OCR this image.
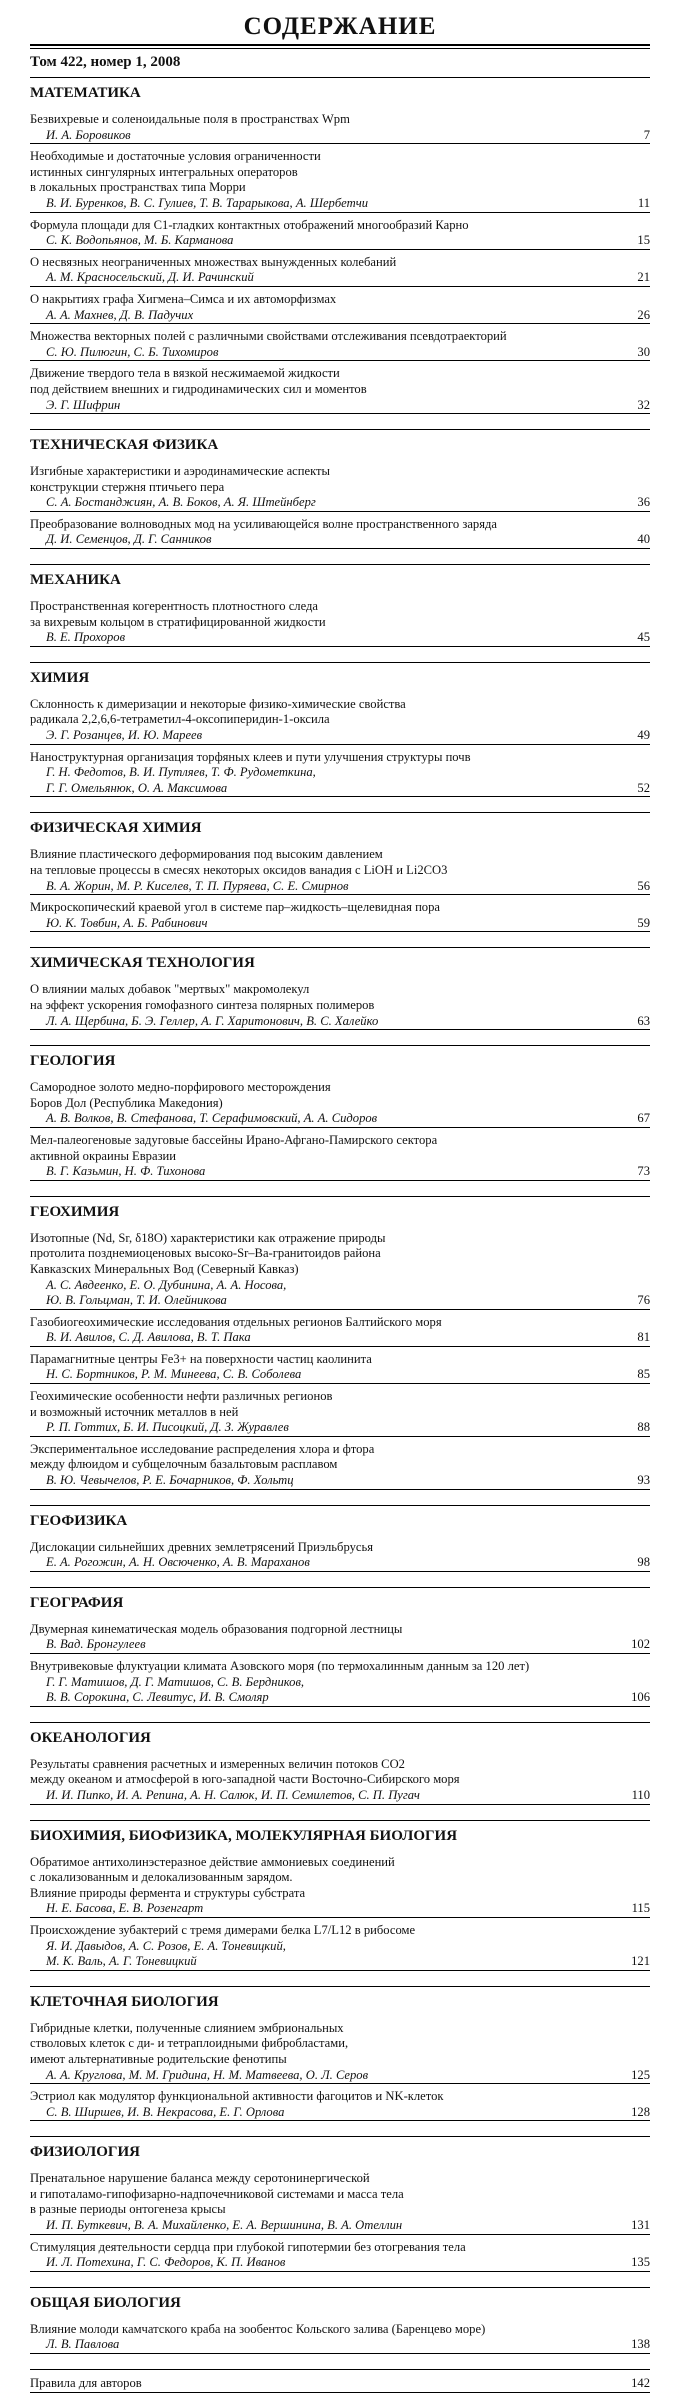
СОДЕРЖАНИЕ
Том 422, номер 1, 2008
МАТЕМАТИКА
Безвихревые и соленоидальные поля в пространствах Wpm
И. А. Боровиков	7
Необходимые и достаточные условия ограниченности
истинных сингулярных интегральных операторов
в локальных пространствах типа Морри
В. И. Буренков, В. С. Гулиев, Т. В. Тарарыкова, А. Шербетчи	11
Формула площади для C1-гладких контактных отображений многообразий Карно
С. К. Водопьянов, М. Б. Карманова	15
О несвязных неограниченных множествах вынужденных колебаний
А. М. Красносельский, Д. И. Рачинский	21
О накрытиях графа Хигмена–Симса и их автоморфизмах
А. А. Махнев, Д. В. Падучих	26
Множества векторных полей с различными свойствами отслеживания псевдотраекторий
С. Ю. Пилюгин, С. Б. Тихомиров	30
Движение твердого тела в вязкой несжимаемой жидкости
под действием внешних и гидродинамических сил и моментов
Э. Г. Шифрин	32
ТЕХНИЧЕСКАЯ ФИЗИКА
Изгибные характеристики и аэродинамические аспекты
конструкции стержня птичьего пера
С. А. Бостанджиян, А. В. Боков, А. Я. Штейнберг	36
Преобразование волноводных мод на усиливающейся волне пространственного заряда
Д. И. Семенцов, Д. Г. Санников	40
МЕХАНИКА
Пространственная когерентность плотностного следа
за вихревым кольцом в стратифицированной жидкости
В. Е. Прохоров	45
ХИМИЯ
Склонность к димеризации и некоторые физико-химические свойства
радикала 2,2,6,6-тетраметил-4-оксопиперидин-1-оксила
Э. Г. Розанцев, И. Ю. Мареев	49
Наноструктурная организация торфяных клеев и пути улучшения структуры почв
Г. Н. Федотов, В. И. Путляев, Т. Ф. Рудометкина,
Г. Г. Омельянюк, О. А. Максимова	52
ФИЗИЧЕСКАЯ ХИМИЯ
Влияние пластического деформирования под высоким давлением
на тепловые процессы в смесях некоторых оксидов ванадия с LiOH и Li2CO3
В. А. Жорин, М. Р. Киселев, Т. П. Пуряева, С. Е. Смирнов	56
Микроскопический краевой угол в системе пар–жидкость–щелевидная пора
Ю. К. Товбин, А. Б. Рабинович	59
ХИМИЧЕСКАЯ ТЕХНОЛОГИЯ
О влиянии малых добавок "мертвых" макромолекул
на эффект ускорения гомофазного синтеза полярных полимеров
Л. А. Щербина, Б. Э. Геллер, А. Г. Харитонович, В. С. Халейко	63
ГЕОЛОГИЯ
Самородное золото медно-порфирового месторождения
Боров Дол (Республика Македония)
А. В. Волков, В. Стефанова, Т. Серафимовский, А. А. Сидоров	67
Мел-палеогеновые задуговые бассейны Ирано-Афгано-Памирского сектора
активной окраины Евразии
В. Г. Казьмин, Н. Ф. Тихонова	73
ГЕОХИМИЯ
Изотопные (Nd, Sr, δ18O) характеристики как отражение природы
протолита позднемиоценовых высоко-Sr–Ba-гранитоидов района
Кавказских Минеральных Вод (Северный Кавказ)
А. С. Авдеенко, Е. О. Дубинина, А. А. Носова,
Ю. В. Гольцман, Т. И. Олейникова	76
Газобиогеохимические исследования отдельных регионов Балтийского моря
В. И. Авилов, С. Д. Авилова, В. Т. Пака	81
Парамагнитные центры Fe3+ на поверхности частиц каолинита
Н. С. Бортников, Р. М. Минеева, С. В. Соболева	85
Геохимические особенности нефти различных регионов
и возможный источник металлов в ней
Р. П. Готтих, Б. И. Писоцкий, Д. З. Журавлев	88
Экспериментальное исследование распределения хлора и фтора
между флюидом и субщелочным базальтовым расплавом
В. Ю. Чевычелов, Р. Е. Бочарников, Ф. Хольтц	93
ГЕОФИЗИКА
Дислокации сильнейших древних землетрясений Приэльбрусья
Е. А. Рогожин, А. Н. Овсюченко, А. В. Мараханов	98
ГЕОГРАФИЯ
Двумерная кинематическая модель образования подгорной лестницы
В. Вад. Бронгулеев	102
Внутривековые флуктуации климата Азовского моря (по термохалинным данным за 120 лет)
Г. Г. Матишов, Д. Г. Матишов, С. В. Бердников,
В. В. Сорокина, С. Левитус, И. В. Смоляр	106
ОКЕАНОЛОГИЯ
Результаты сравнения расчетных и измеренных величин потоков CO2
между океаном и атмосферой в юго-западной части Восточно-Сибирского моря
И. И. Пипко, И. А. Репина, А. Н. Салюк, И. П. Семилетов, С. П. Пугач	110
БИОХИМИЯ, БИОФИЗИКА, МОЛЕКУЛЯРНАЯ БИОЛОГИЯ
Обратимое антихолинэстеразное действие аммониевых соединений
с локализованным и делокализованным зарядом.
Влияние природы фермента и структуры субстрата
Н. Е. Басова, Е. В. Розенгарт	115
Происхождение зубактерий с тремя димерами белка L7/L12 в рибосоме
Я. И. Давыдов, А. С. Розов, Е. А. Тоневицкий,
М. К. Валь, А. Г. Тоневицкий	121
КЛЕТОЧНАЯ БИОЛОГИЯ
Гибридные клетки, полученные слиянием эмбриональных
стволовых клеток с ди- и тетраплоидными фибробластами,
имеют альтернативные родительские фенотипы
А. А. Круглова, М. М. Гридина, Н. М. Матвеева, О. Л. Серов	125
Эстриол как модулятор функциональной активности фагоцитов и NK-клеток
С. В. Ширшев, И. В. Некрасова, Е. Г. Орлова	128
ФИЗИОЛОГИЯ
Пренатальное нарушение баланса между серотонинергической
и гипоталамо-гипофизарно-надпочечниковой системами и масса тела
в разные периоды онтогенеза крысы
И. П. Буткевич, В. А. Михайленко, Е. А. Вершинина, В. А. Отеллин	131
Стимуляция деятельности сердца при глубокой гипотермии без отогревания тела
И. Л. Потехина, Г. С. Федоров, К. П. Иванов	135
ОБЩАЯ БИОЛОГИЯ
Влияние молоди камчатского краба на зообентос Кольского залива (Баренцево море)
Л. В. Павлова	138
Правила для авторов	142
